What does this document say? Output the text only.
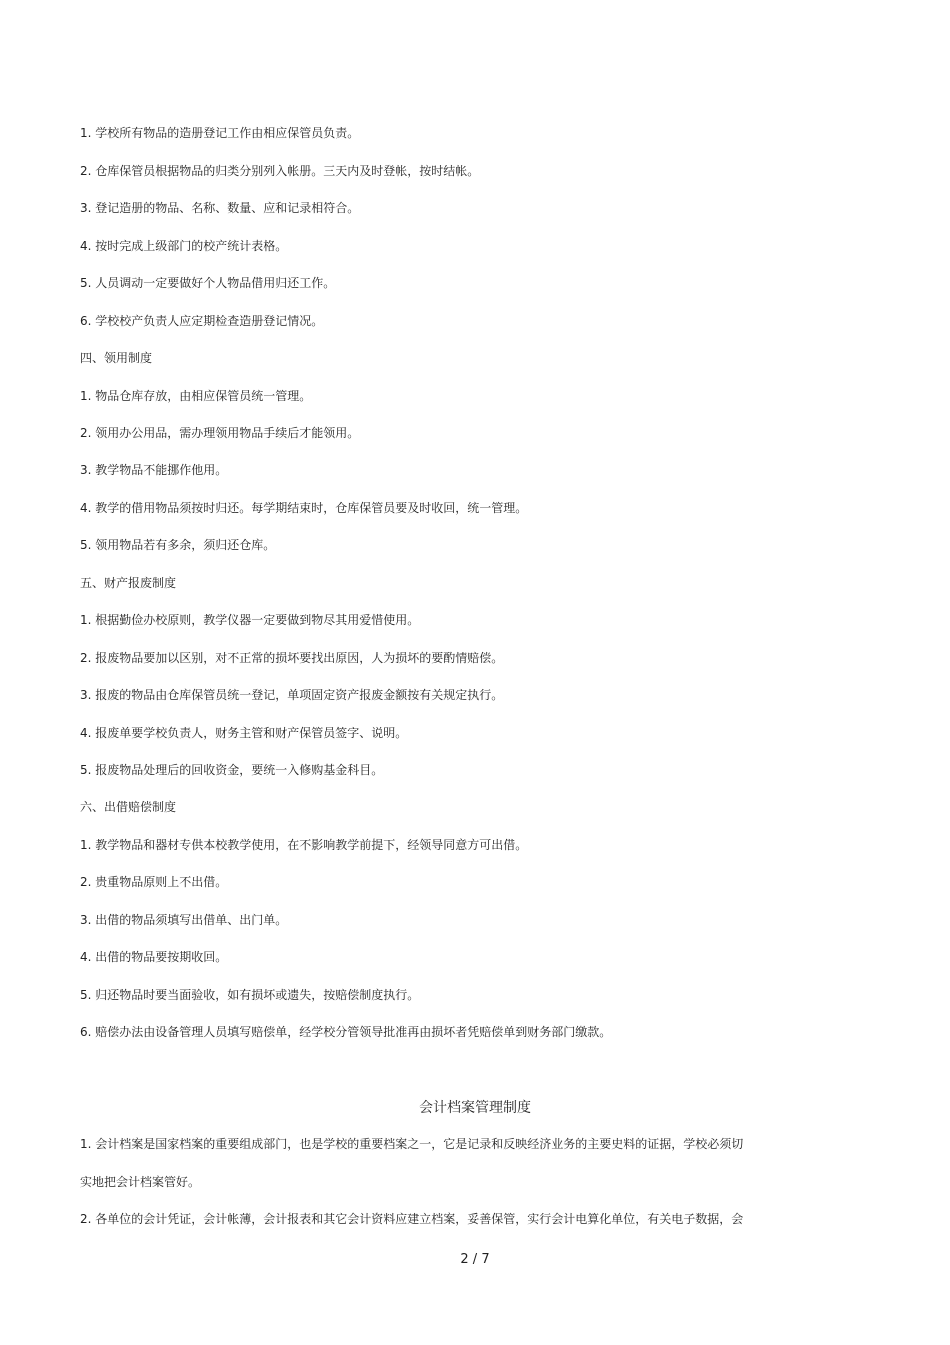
1. 学校所有物品的造册登记工作由相应保管员负责。
2. 仓库保管员根据物品的归类分别列入帐册。三天内及时登帐，按时结帐。
3. 登记造册的物品、名称、数量、应和记录相符合。
4. 按时完成上级部门的校产统计表格。
5. 人员调动一定要做好个人物品借用归还工作。
6. 学校校产负责人应定期检查造册登记情况。
四、领用制度
1. 物品仓库存放，由相应保管员统一管理。
2. 领用办公用品，需办理领用物品手续后才能领用。
3. 教学物品不能挪作他用。
4. 教学的借用物品须按时归还。每学期结束时，仓库保管员要及时收回，统一管理。
5. 领用物品若有多余，须归还仓库。
五、财产报废制度
1. 根据勤俭办校原则，教学仪器一定要做到物尽其用爱惜使用。
2. 报废物品要加以区别，对不正常的损坏要找出原因，人为损坏的要酌情赔偿。
3. 报废的物品由仓库保管员统一登记，单项固定资产报废金额按有关规定执行。
4. 报废单要学校负责人，财务主管和财产保管员签字、说明。
5. 报废物品处理后的回收资金，要统一入修购基金科目。
六、出借赔偿制度
1. 教学物品和器材专供本校教学使用，在不影响教学前提下，经领导同意方可出借。
2. 贵重物品原则上不出借。
3. 出借的物品须填写出借单、出门单。
4. 出借的物品要按期收回。
5. 归还物品时要当面验收，如有损坏或遗失，按赔偿制度执行。
6. 赔偿办法由设备管理人员填写赔偿单，经学校分管领导批准再由损坏者凭赔偿单到财务部门缴款。
会计档案管理制度
1. 会计档案是国家档案的重要组成部门，也是学校的重要档案之一，它是记录和反映经济业务的主要史料的证据，学校必须切
实地把会计档案管好。
2. 各单位的会计凭证，会计帐薄，会计报表和其它会计资料应建立档案，妥善保管，实行会计电算化单位，有关电子数据，会
2 / 7
